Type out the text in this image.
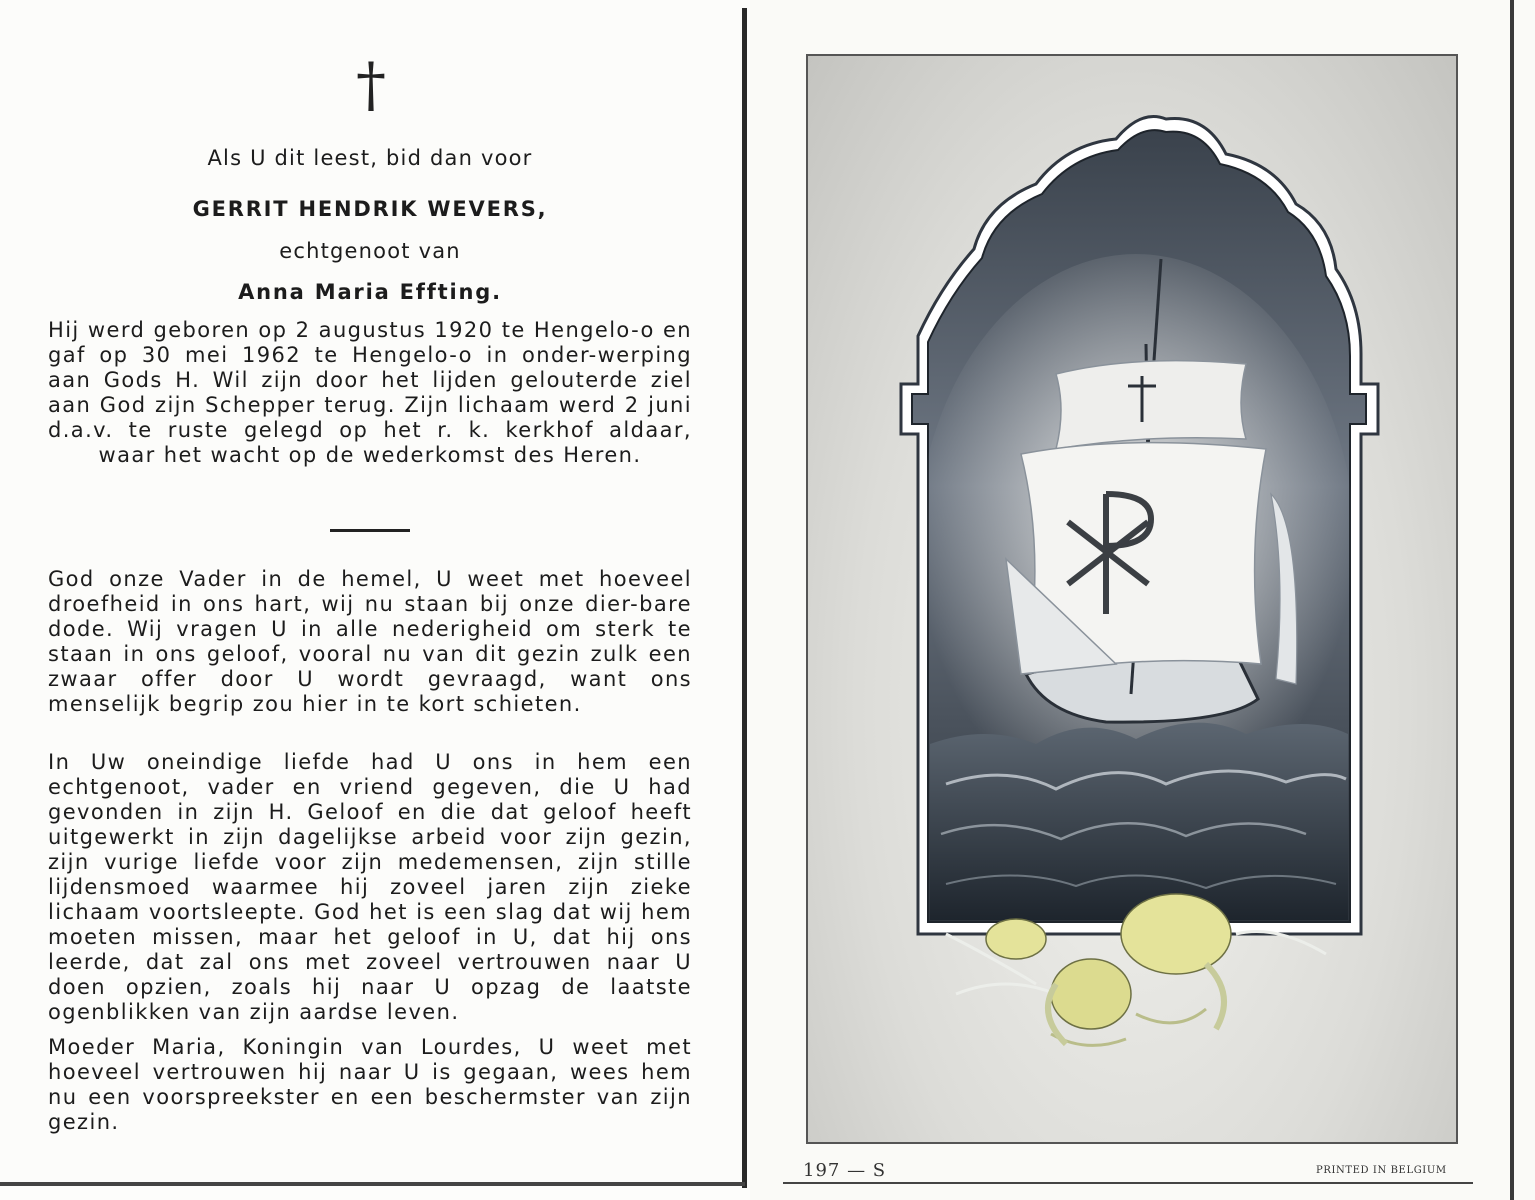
†
Als U dit leest, bid dan voor
GERRIT HENDRIK WEVERS,
echtgenoot van
Anna Maria Effting.
Hij werd geboren op 2 augustus 1920 te Hengelo-o en gaf op 30 mei 1962 te Hengelo-o in onder-werping aan Gods H. Wil zijn door het lijden gelouterde ziel aan God zijn Schepper terug. Zijn lichaam werd 2 juni d.a.v. te ruste gelegd op het r. k. kerkhof aldaar, waar het wacht op de wederkomst des Heren.
God onze Vader in de hemel, U weet met hoeveel droefheid in ons hart, wij nu staan bij onze dier-bare dode. Wij vragen U in alle nederigheid om sterk te staan in ons geloof, vooral nu van dit gezin zulk een zwaar offer door U wordt gevraagd, want ons menselijk begrip zou hier in te kort schieten.
In Uw oneindige liefde had U ons in hem een echtgenoot, vader en vriend gegeven, die U had gevonden in zijn H. Geloof en die dat geloof heeft uitgewerkt in zijn dagelijkse arbeid voor zijn gezin, zijn vurige liefde voor zijn medemensen, zijn stille lijdensmoed waarmee hij zoveel jaren zijn zieke lichaam voortsleepte. God het is een slag dat wij hem moeten missen, maar het geloof in U, dat hij ons leerde, dat zal ons met zoveel vertrouwen naar U doen opzien, zoals hij naar U opzag de laatste ogenblikken van zijn aardse leven.
Moeder Maria, Koningin van Lourdes, U weet met hoeveel vertrouwen hij naar U is gegaan, wees hem nu een voorspreekster en een beschermster van zijn gezin.
197 — S	PRINTED IN BELGIUM
